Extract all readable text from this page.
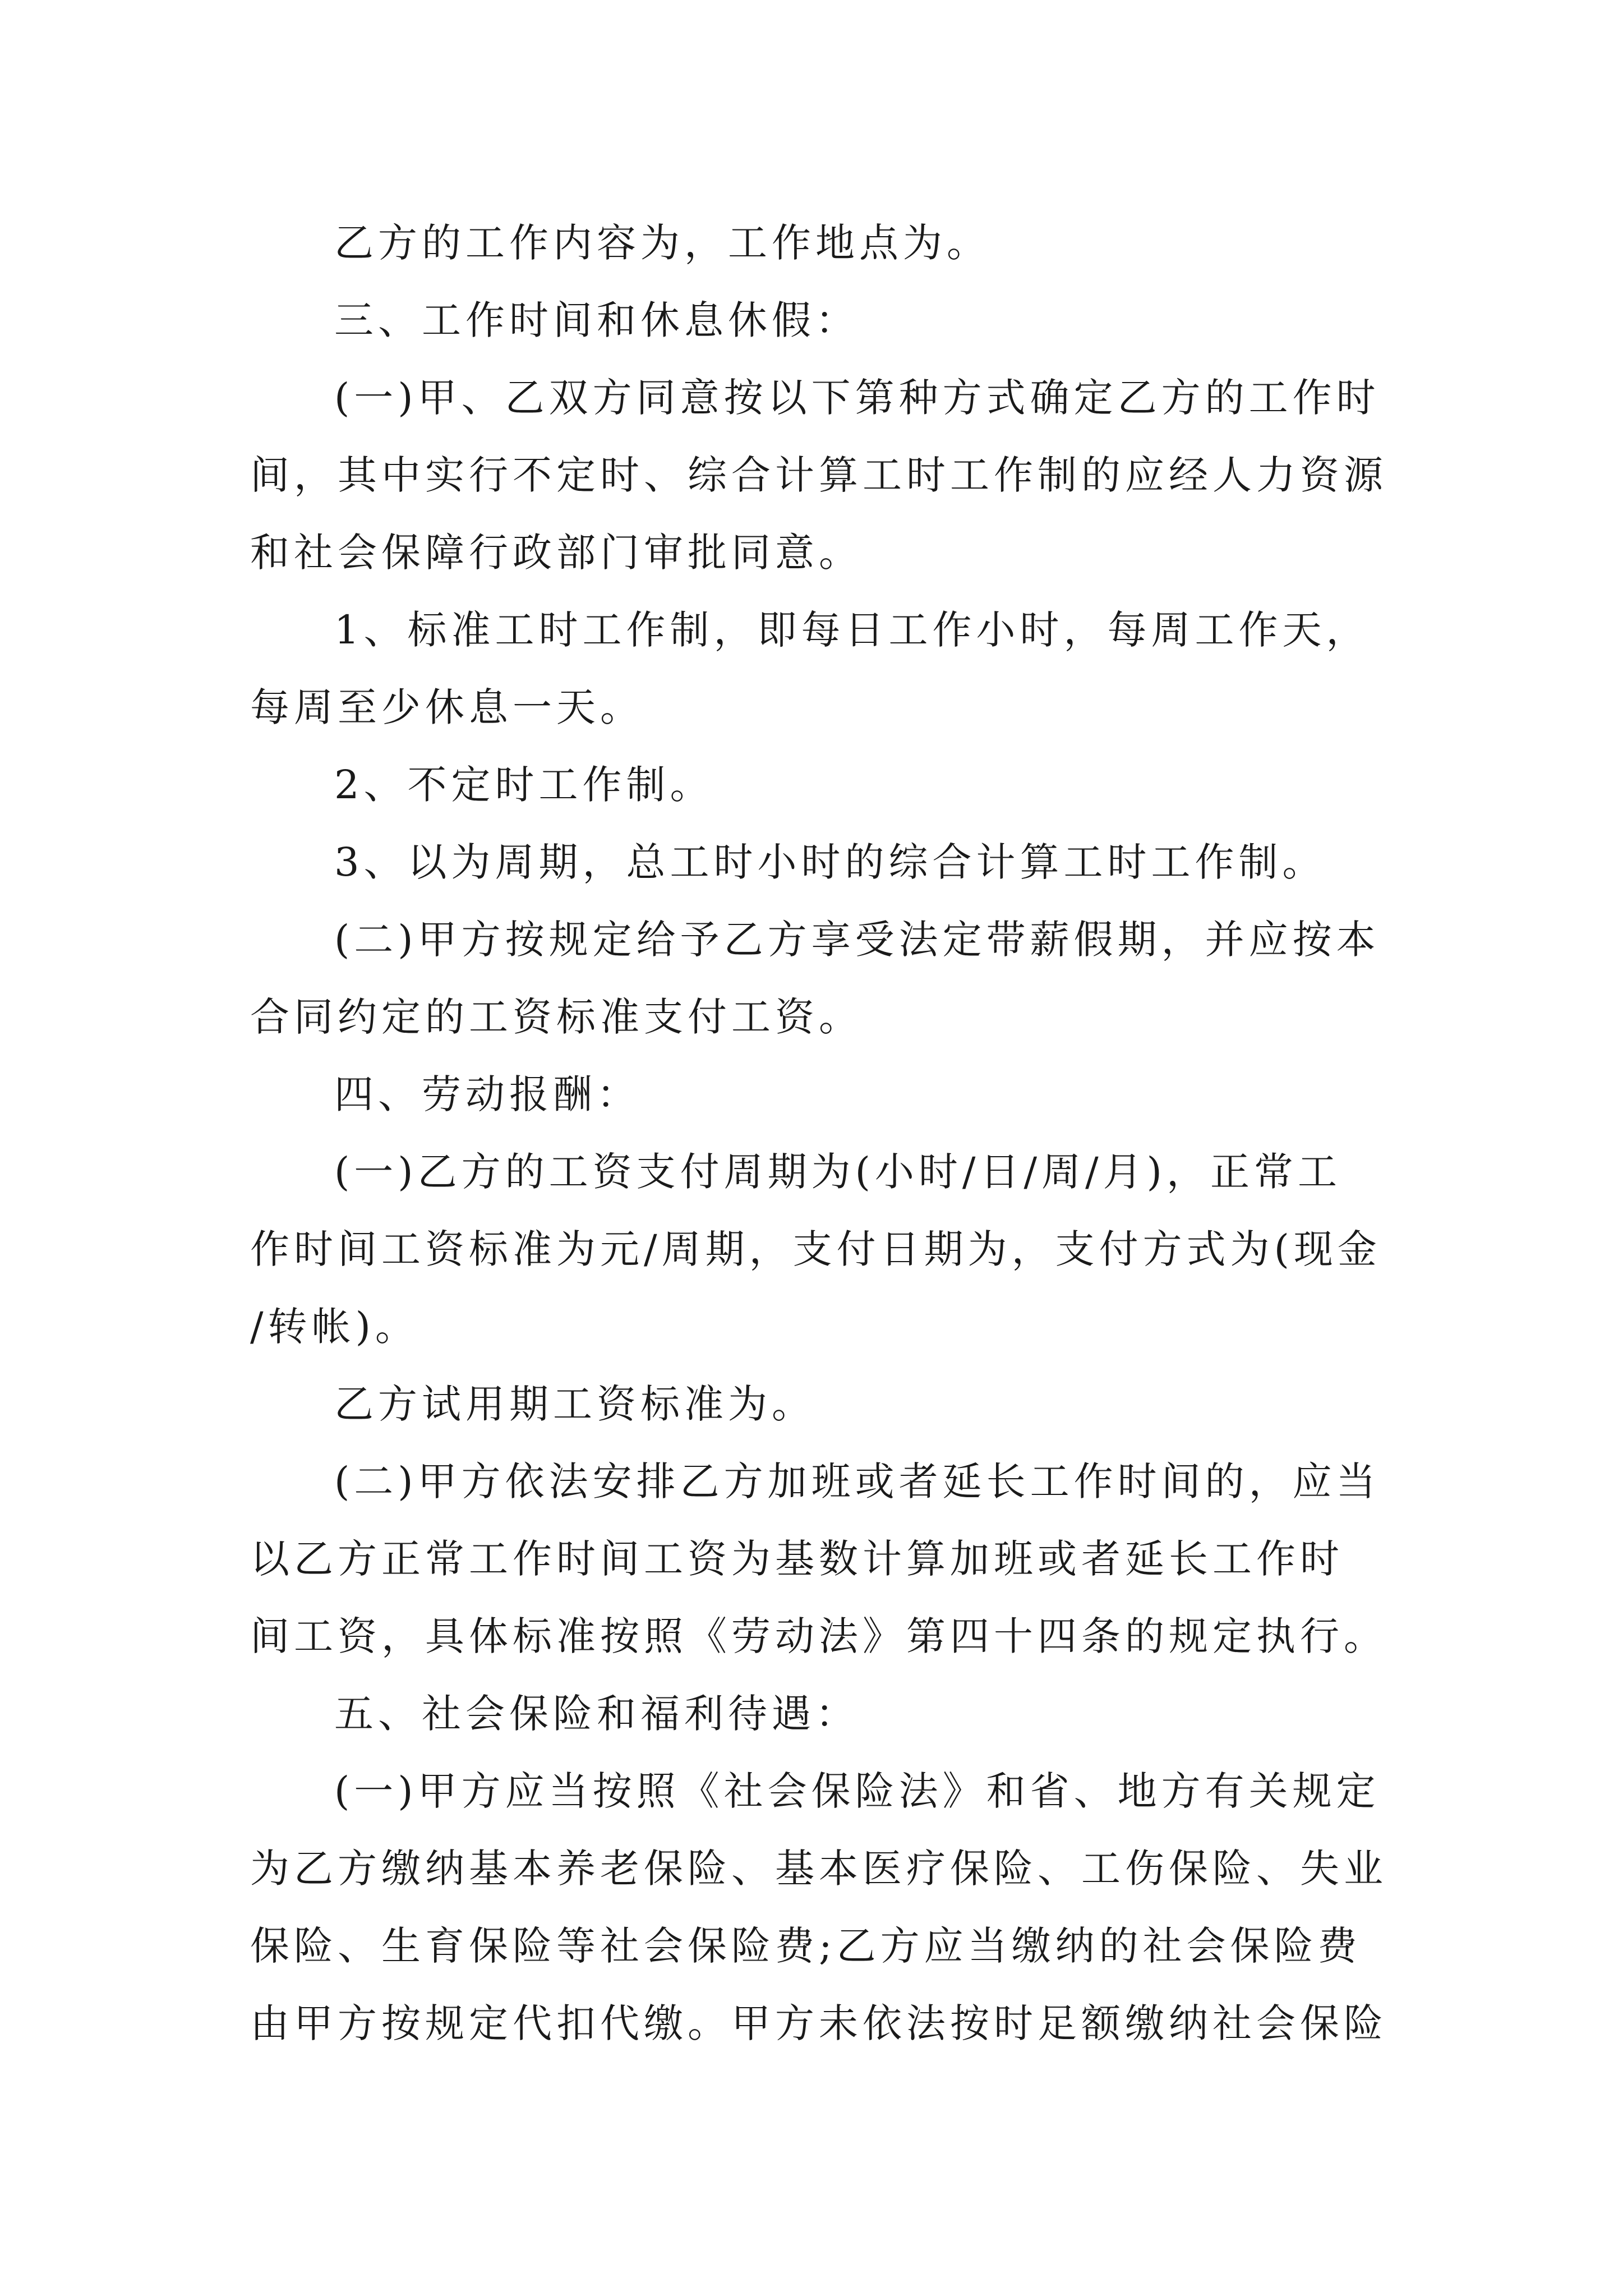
乙方的工作内容为，工作地点为。
三、工作时间和休息休假：
(一)甲、乙双方同意按以下第种方式确定乙方的工作时
间，其中实行不定时、综合计算工时工作制的应经人力资源
和社会保障行政部门审批同意。
1、标准工时工作制，即每日工作小时，每周工作天，
每周至少休息一天。
2、不定时工作制。
3、以为周期，总工时小时的综合计算工时工作制。
(二)甲方按规定给予乙方享受法定带薪假期，并应按本
合同约定的工资标准支付工资。
四、劳动报酬：
(一)乙方的工资支付周期为(小时/日/周/月)，正常工
作时间工资标准为元/周期，支付日期为，支付方式为(现金
/转帐)。
乙方试用期工资标准为。
(二)甲方依法安排乙方加班或者延长工作时间的，应当
以乙方正常工作时间工资为基数计算加班或者延长工作时
间工资，具体标准按照《劳动法》第四十四条的规定执行。
五、社会保险和福利待遇：
(一)甲方应当按照《社会保险法》和省、地方有关规定
为乙方缴纳基本养老保险、基本医疗保险、工伤保险、失业
保险、生育保险等社会保险费;乙方应当缴纳的社会保险费
由甲方按规定代扣代缴。甲方未依法按时足额缴纳社会保险
